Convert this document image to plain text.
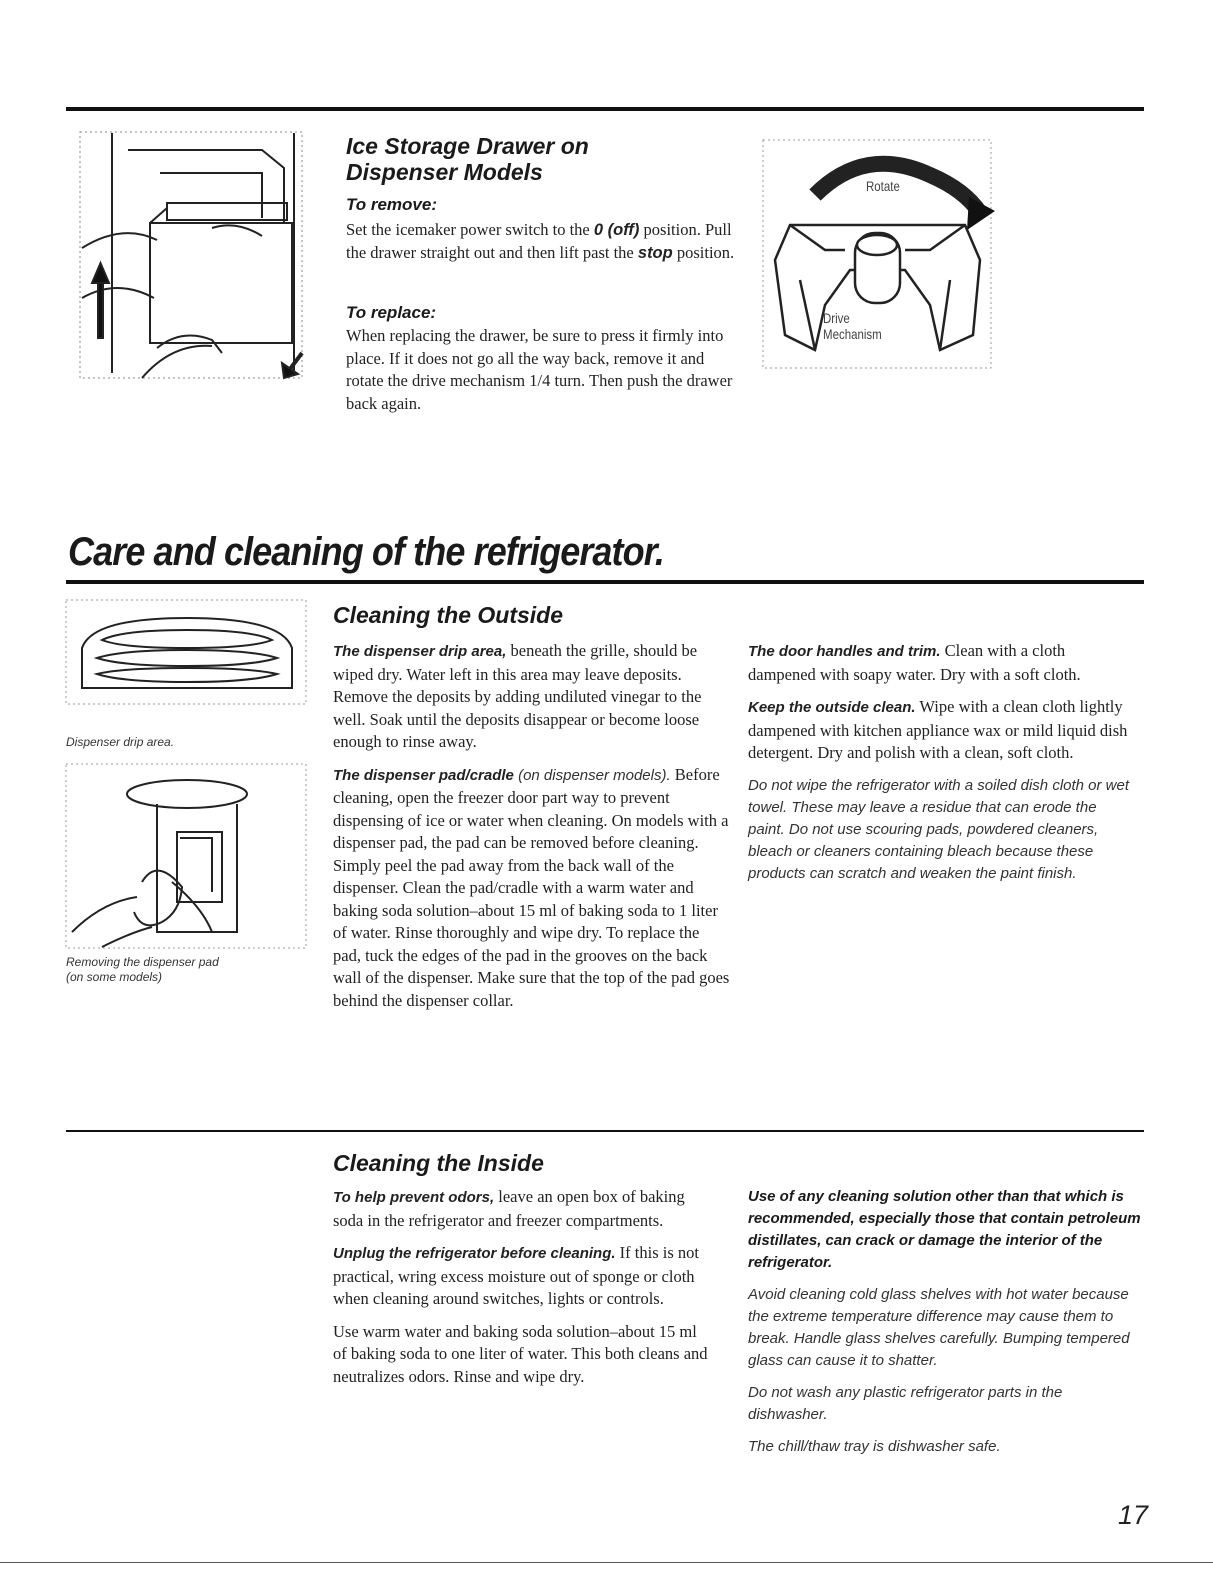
Ice Storage Drawer on
Dispenser Models
To remove:
Set the icemaker power switch to the 0 (off) position. Pull the drawer straight out and then lift past the stop position.
To replace:
When replacing the drawer, be sure to press it firmly into place. If it does not go all the way back, remove it and rotate the drive mechanism 1/4 turn. Then push the drawer back again.
Rotate
Drive
Mechanism
Care and cleaning of the refrigerator.
Dispenser drip area.
Removing the dispenser pad
(on some models)
Cleaning the Outside

The dispenser drip area, beneath the grille, should be wiped dry. Water left in this area may leave deposits. Remove the deposits by adding undiluted vinegar to the well. Soak until the deposits disappear or become loose enough to rinse away.

The dispenser pad/cradle (on dispenser models). Before cleaning, open the freezer door part way to prevent dispensing of ice or water when cleaning. On models with a dispenser pad, the pad can be removed before cleaning. Simply peel the pad away from the back wall of the dispenser. Clean the pad/cradle with a warm water and baking soda solution–about 15 ml of baking soda to 1 liter of water. Rinse thoroughly and wipe dry. To replace the pad, tuck the edges of the pad in the grooves on the back wall of the dispenser. Make sure that the top of the pad goes behind the dispenser collar.

The door handles and trim. Clean with a cloth dampened with soapy water. Dry with a soft cloth.

Keep the outside clean. Wipe with a clean cloth lightly dampened with kitchen appliance wax or mild liquid dish detergent. Dry and polish with a clean, soft cloth.

Do not wipe the refrigerator with a soiled dish cloth or wet towel. These may leave a residue that can erode the paint. Do not use scouring pads, powdered cleaners, bleach or cleaners containing bleach because these products can scratch and weaken the paint finish.

Cleaning the Inside

To help prevent odors, leave an open box of baking soda in the refrigerator and freezer compartments.

Unplug the refrigerator before cleaning. If this is not practical, wring excess moisture out of sponge or cloth when cleaning around switches, lights or controls.

Use warm water and baking soda solution–about 15 ml of baking soda to one liter of water. This both cleans and neutralizes odors. Rinse and wipe dry.

Use of any cleaning solution other than that which is recommended, especially those that contain petroleum distillates, can crack or damage the interior of the refrigerator.

Avoid cleaning cold glass shelves with hot water because the extreme temperature difference may cause them to break. Handle glass shelves carefully. Bumping tempered glass can cause it to shatter.

Do not wash any plastic refrigerator parts in the dishwasher.

The chill/thaw tray is dishwasher safe.

17
